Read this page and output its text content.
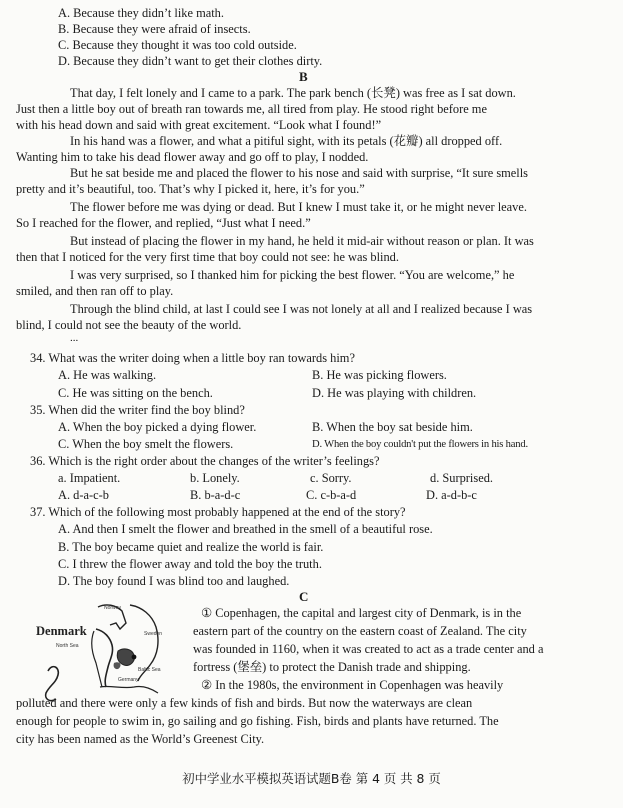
A. Because they didn’t like math.
B. Because they were afraid of insects.
C. Because they thought it was too cold outside.
D. Because they didn’t want to get their clothes dirty.
B
That day, I felt lonely and I came to a park. The park bench (长凳) was free as I sat down.
Just then a little boy out of breath ran towards me, all tired from play. He stood right before me
with his head down and said with great excitement. “Look what I found!”
In his hand was a flower, and what a pitiful sight, with its petals (花瓣) all dropped off.
Wanting him to take his dead flower away and go off to play, I nodded.
But he sat beside me and placed the flower to his nose and said with surprise, “It sure smells
pretty and it’s beautiful, too. That’s why I picked it, here, it’s for you.”
The flower before me was dying or dead. But I knew I must take it, or he might never leave.
So I reached for the flower, and replied, “Just what I need.”
But instead of placing the flower in my hand, he held it mid-air without reason or plan. It was
then that I noticed for the very first time that boy could not see: he was blind.
I was very surprised, so I thanked him for picking the best flower. “You are welcome,” he
smiled, and then ran off to play.
Through the blind child, at last I could see I was not lonely at all and I realized because I was
blind, I could not see the beauty of the world.
...
34. What was the writer doing when a little boy ran towards him?
A. He was walking.	B. He was picking flowers.
C. He was sitting on the bench.	D. He was playing with children.
35. When did the writer find the boy blind?
A. When the boy picked a dying flower.	B. When the boy sat beside him.
C. When the boy smelt the flowers.	D. When the boy couldn't put the flowers in his hand.
36. Which is the right order about the changes of the writer’s feelings?
a. Impatient.	b. Lonely.	c. Sorry.	d. Surprised.
A. d-a-c-b	B. b-a-d-c	C. c-b-a-d	D. a-d-b-c
37. Which of the following most probably happened at the end of the story?
A. And then I smelt the flower and breathed in the smell of a beautiful rose.
B. The boy became quiet and realize the world is fair.
C. I threw the flower away and told the boy the truth.
D. The boy found I was blind too and laughed.
C
Denmark
Norway
Sweden
North Sea
Baltic Sea
Germany
① Copenhagen, the capital and largest city of Denmark, is in the
eastern part of the country on the eastern coast of Zealand. The city
was founded in 1160, when it was created to act as a trade center and a
fortress (堡垒) to protect the Danish trade and shipping.
② In the 1980s, the environment in Copenhagen was heavily
polluted and there were only a few kinds of fish and birds. But now the waterways are clean
enough for people to swim in, go sailing and go fishing. Fish, birds and plants have returned. The
city has been named as the World’s Greenest City.
初中学业水平模拟英语试题B卷 第 4 页 共 8 页
